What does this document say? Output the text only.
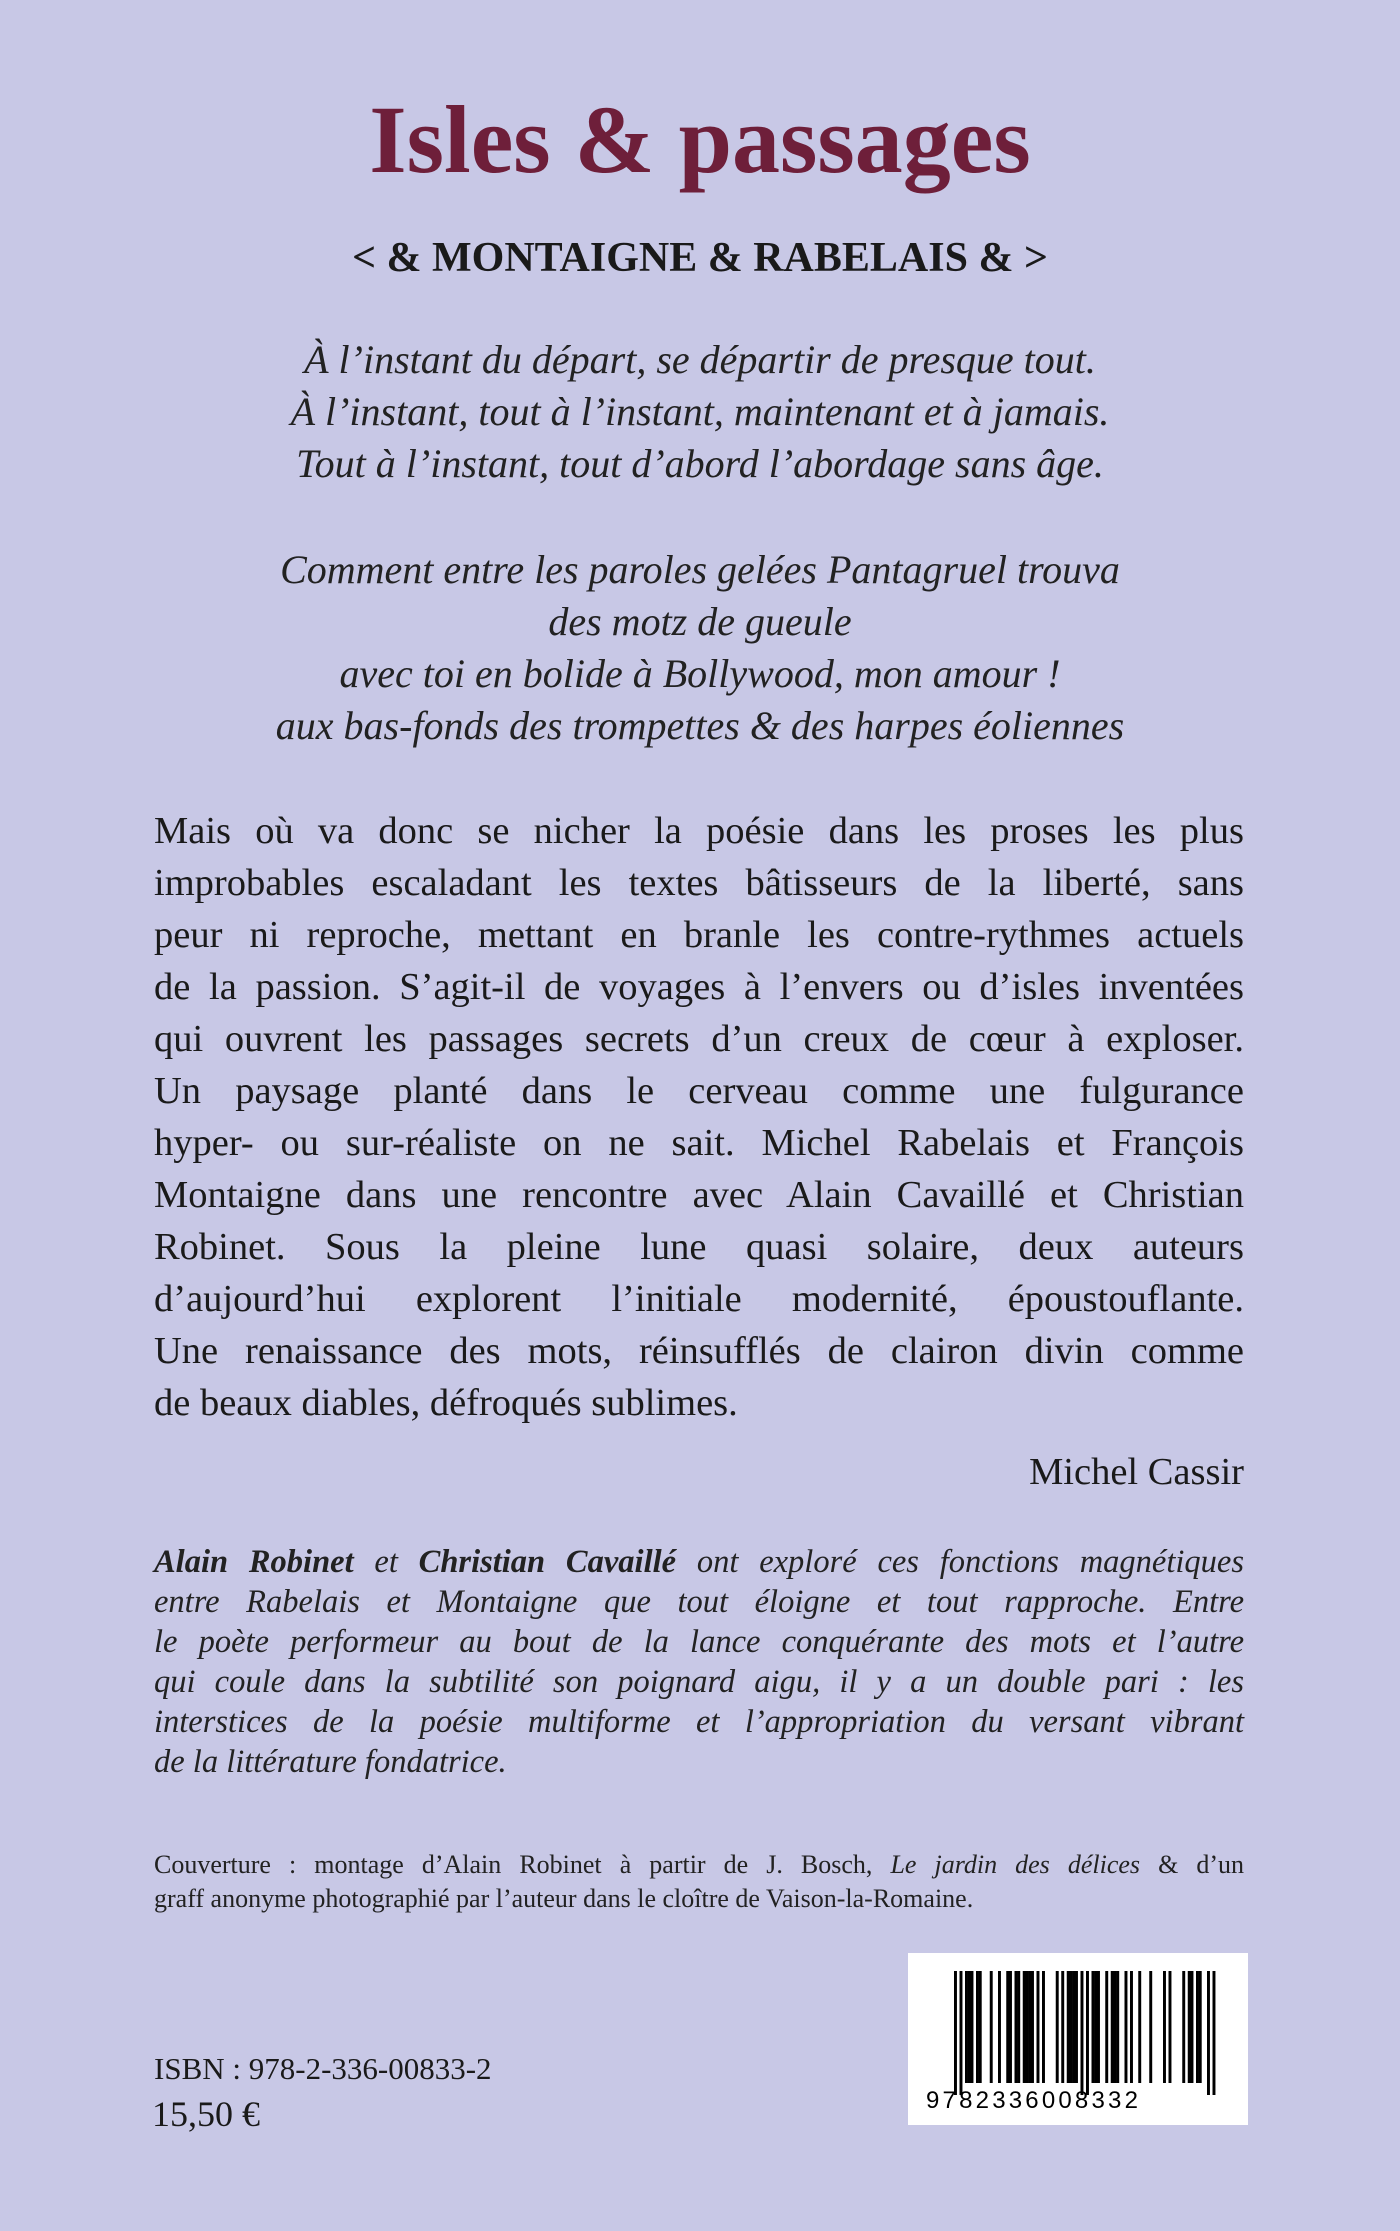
Isles & passages
< & MONTAIGNE & RABELAIS & >
À l’instant du départ, se départir de presque tout.
À l’instant, tout à l’instant, maintenant et à jamais.
Tout à l’instant, tout d’abord l’abordage sans âge.
Comment entre les paroles gelées Pantagruel trouva
des motz de gueule
avec toi en bolide à Bollywood, mon amour !
aux bas-fonds des trompettes & des harpes éoliennes
Mais où va donc se nicher la poésie dans les proses les plus
improbables escaladant les textes bâtisseurs de la liberté, sans
peur ni reproche, mettant en branle les contre-rythmes actuels
de la passion. S’agit-il de voyages à l’envers ou d’isles inventées
qui ouvrent les passages secrets d’un creux de cœur à exploser.
Un paysage planté dans le cerveau comme une fulgurance
hyper- ou sur-réaliste on ne sait. Michel Rabelais et François
Montaigne dans une rencontre avec Alain Cavaillé et Christian
Robinet. Sous la pleine lune quasi solaire, deux auteurs
d’aujourd’hui explorent l’initiale modernité, époustouflante.
Une renaissance des mots, réinsufflés de clairon divin comme
de beaux diables, défroqués sublimes.
Michel Cassir
Alain Robinet et Christian Cavaillé ont exploré ces fonctions magnétiques
entre Rabelais et Montaigne que tout éloigne et tout rapproche. Entre
le poète performeur au bout de la lance conquérante des mots et l’autre
qui coule dans la subtilité son poignard aigu, il y a un double pari : les
interstices de la poésie multiforme et l’appropriation du versant vibrant
de la littérature fondatrice.
Couverture : montage d’Alain Robinet à partir de J. Bosch, Le jardin des délices & d’un
graff anonyme photographié par l’auteur dans le cloître de Vaison-la-Romaine.
ISBN : 978-2-336-00833-2
15,50 €	9782336008332
